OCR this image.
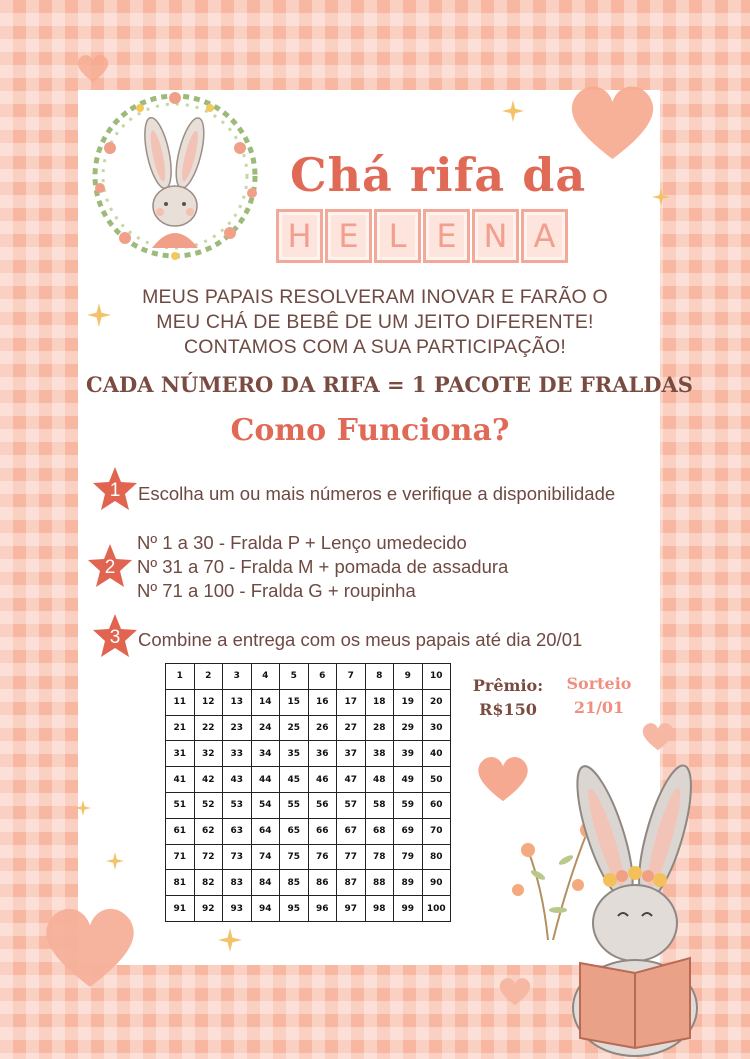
Chá rifa da
H E L E N A
MEUS PAPAIS RESOLVERAM INOVAR E FARÃO O
MEU CHÁ DE BEBÊ DE UM JEITO DIFERENTE!
CONTAMOS COM A SUA PARTICIPAÇÃO!
CADA NÚMERO DA RIFA = 1 PACOTE DE FRALDAS
Como Funciona?
1 Escolha um ou mais números e verifique a disponibilidade
2
Nº 1 a 30 - Fralda P + Lenço umedecido
Nº 31 a 70 - Fralda M + pomada de assadura
Nº 71 a 100 - Fralda G + roupinha
3 Combine a entrega com os meus papais até dia 20/01
1	2	3	4	5	6	7	8	9	10
11	12	13	14	15	16	17	18	19	20
21	22	23	24	25	26	27	28	29	30
31	32	33	34	35	36	37	38	39	40
41	42	43	44	45	46	47	48	49	50
51	52	53	54	55	56	57	58	59	60
61	62	63	64	65	66	67	68	69	70
71	72	73	74	75	76	77	78	79	80
81	82	83	84	85	86	87	88	89	90
91	92	93	94	95	96	97	98	99	100
Prêmio:
R$150
Sorteio
21/01
